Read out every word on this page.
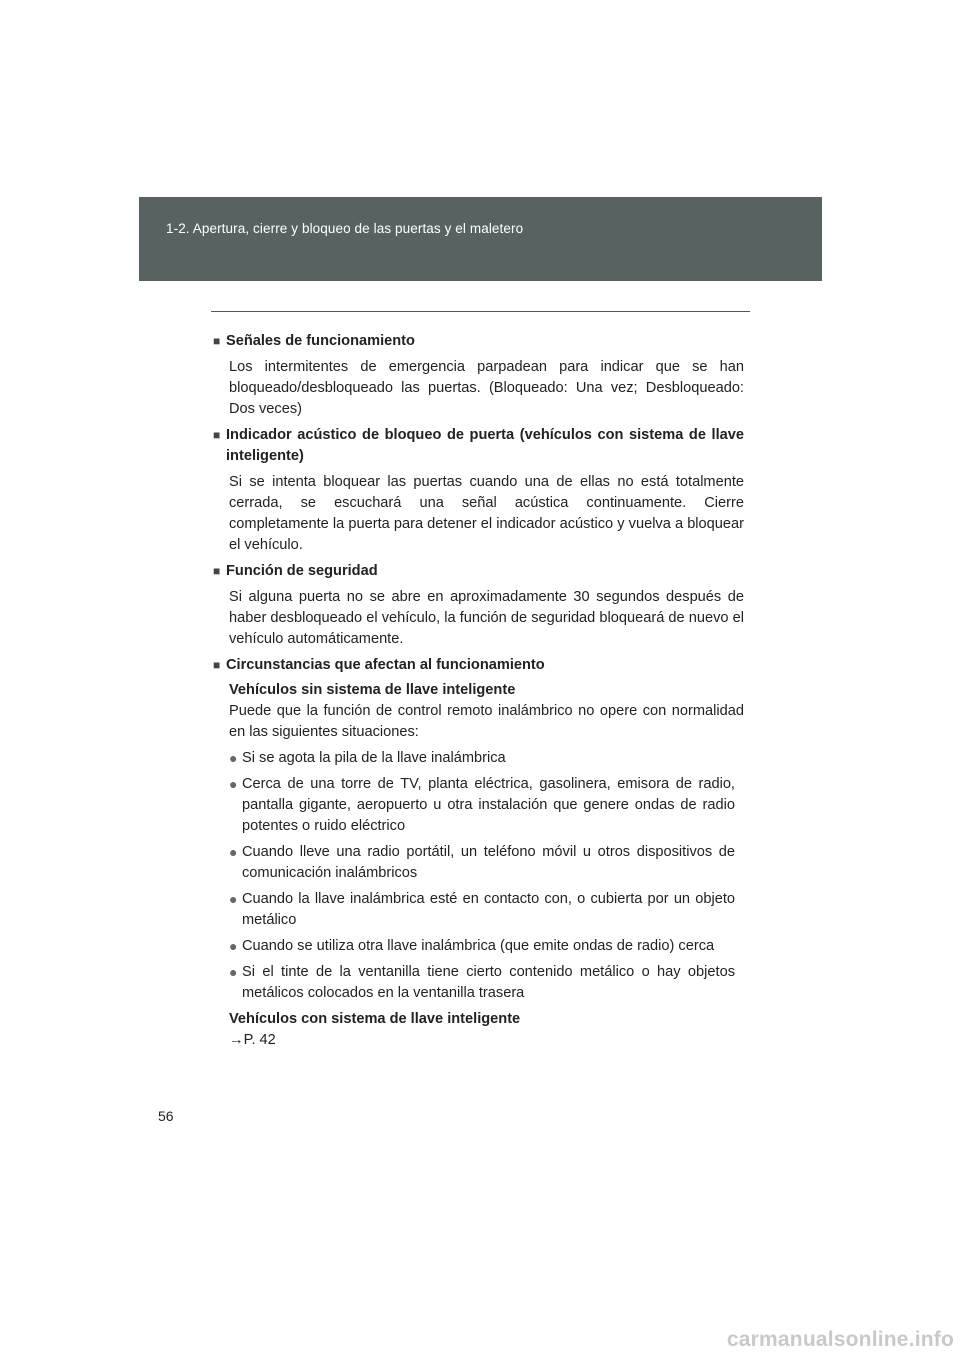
1-2. Apertura, cierre y bloqueo de las puertas y el maletero
■ Señales de funcionamiento
Los intermitentes de emergencia parpadean para indicar que se han bloqueado/desbloqueado las puertas. (Bloqueado: Una vez; Desbloqueado: Dos veces)
■ Indicador acústico de bloqueo de puerta (vehículos con sistema de llave inteligente)
Si se intenta bloquear las puertas cuando una de ellas no está totalmente cerrada, se escuchará una señal acústica continuamente. Cierre completamente la puerta para detener el indicador acústico y vuelva a bloquear el vehículo.
■ Función de seguridad
Si alguna puerta no se abre en aproximadamente 30 segundos después de haber desbloqueado el vehículo, la función de seguridad bloqueará de nuevo el vehículo automáticamente.
■ Circunstancias que afectan al funcionamiento
Vehículos sin sistema de llave inteligente
Puede que la función de control remoto inalámbrico no opere con normalidad en las siguientes situaciones:
● Si se agota la pila de la llave inalámbrica
● Cerca de una torre de TV, planta eléctrica, gasolinera, emisora de radio, pantalla gigante, aeropuerto u otra instalación que genere ondas de radio potentes o ruido eléctrico
● Cuando lleve una radio portátil, un teléfono móvil u otros dispositivos de comunicación inalámbricos
● Cuando la llave inalámbrica esté en contacto con, o cubierta por un objeto metálico
● Cuando se utiliza otra llave inalámbrica (que emite ondas de radio) cerca
● Si el tinte de la ventanilla tiene cierto contenido metálico o hay objetos metálicos colocados en la ventanilla trasera
Vehículos con sistema de llave inteligente
→P. 42
56
carmanualsonline.info
